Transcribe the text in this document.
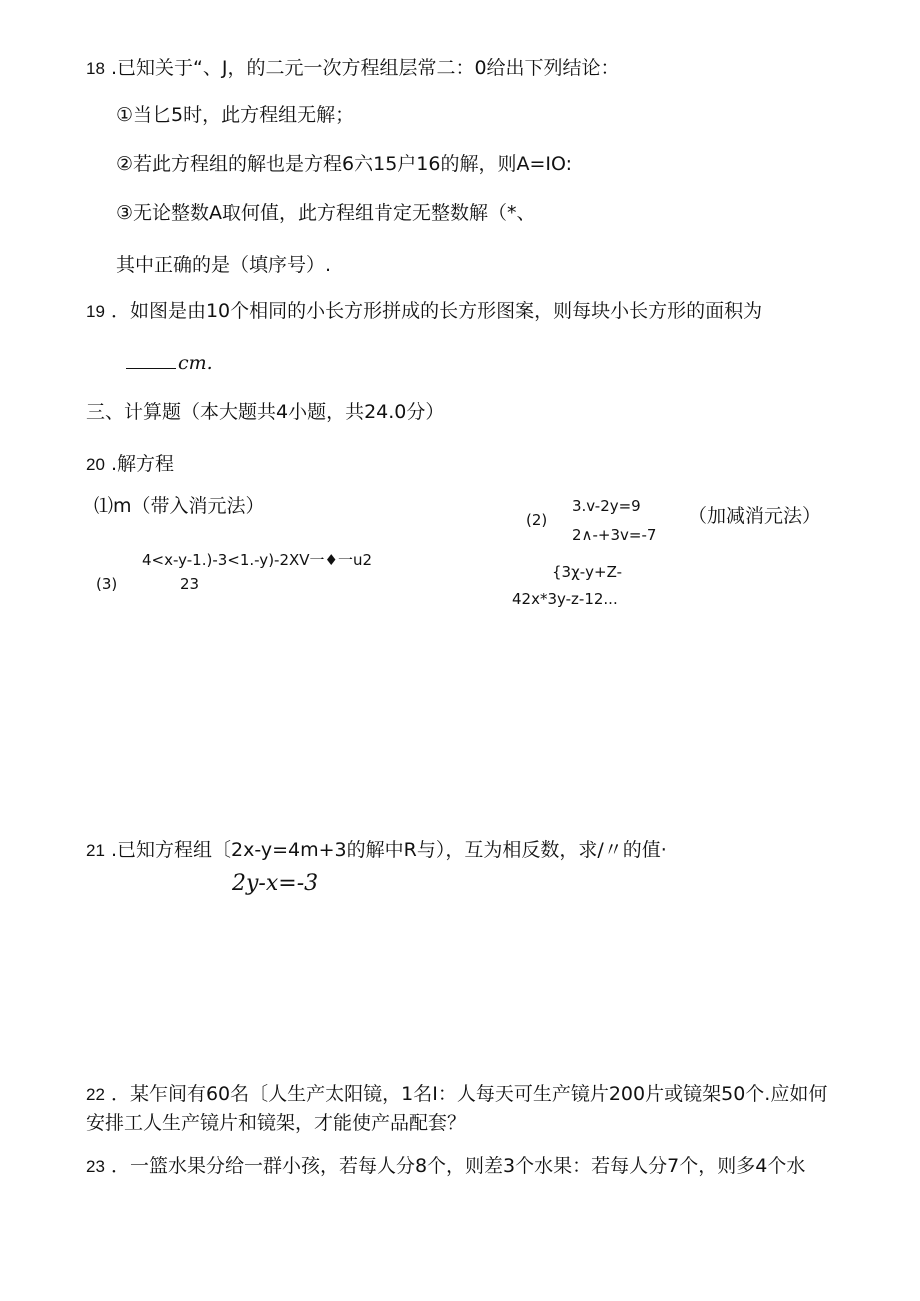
18 .已知关于“、J，的二元一次方程组层常二：0给出下列结论：
①当匕5时，此方程组无解；
②若此方程组的解也是方程6六15户16的解，则A=IO:
③无论整数A取何值，此方程组肯定无整数解（*、
其中正确的是（填序号）.
19 ．如图是由10个相同的小长方形拼成的长方形图案，则每块小长方形的面积为
cm.
三、计算题（本大题共4小题，共24.0分）
20 .解方程
⑴m（带入消元法）
(2)
3.v-2y=9
2∧-+3v=-7
（加减消元法）
4<x-y-1.)-3<1.-y)-2XV一♦一u2
(3)	23
{3χ-y+Z-
42x*3y-z-12...
21 .已知方程组〔2x-y=4m+3的解中R与），互为相反数，求/〃的值·
2y-x=-3
22 ．某乍间有60名〔人生产太阳镜，1名I：人每天可生产镜片200片或镜架50个.应如何
安排工人生产镜片和镜架，才能使产品配套？
23 ．一篮水果分给一群小孩，若每人分8个，则差3个水果：若每人分7个，则多4个水
